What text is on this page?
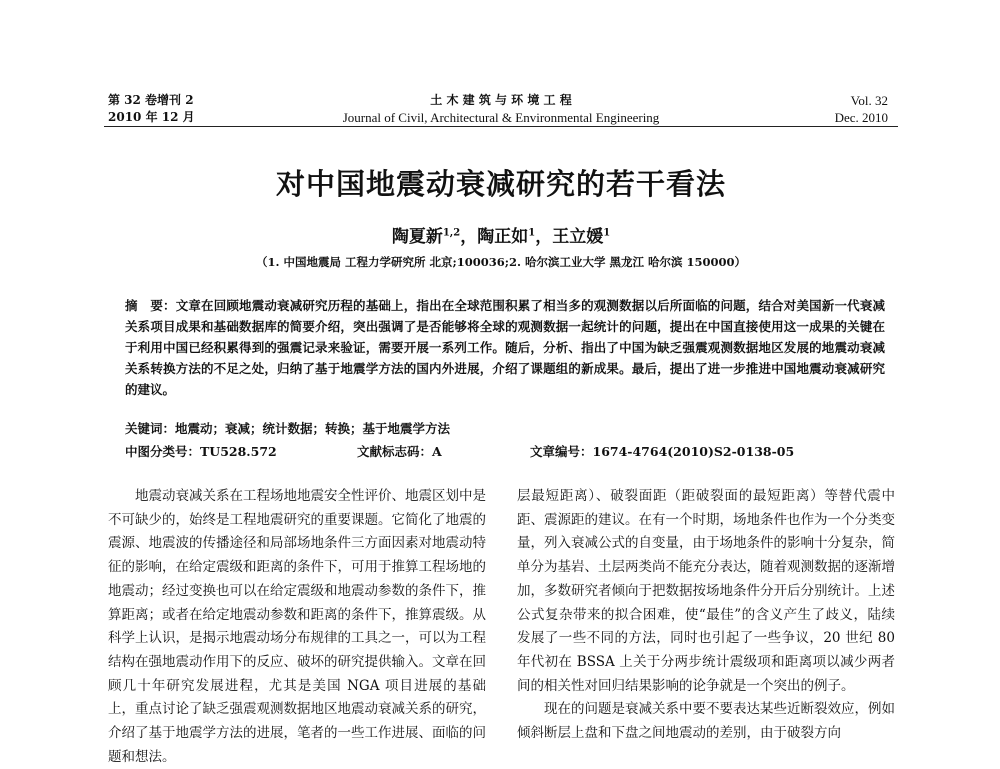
第 32 卷增刊 2
2010 年 12 月
土 木 建 筑 与 环 境 工 程
Journal of Civil, Architectural & Environmental Engineering
Vol. 32
Dec. 2010
对中国地震动衰减研究的若干看法
陶夏新$^{1,2}$，陶正如$^1$，王立媛$^1$
（1. 中国地震局 工程力学研究所 北京;100036;2. 哈尔滨工业大学 黑龙江 哈尔滨 150000）

摘　要：文章在回顾地震动衰减研究历程的基础上，指出在全球范围积累了相当多的观测数据以后所面临的问题，结合对美国新一代衰减关系项目成果和基础数据库的简要介绍，突出强调了是否能够将全球的观测数据一起统计的问题，提出在中国直接使用这一成果的关键在于利用中国已经积累得到的强震记录来验证，需要开展一系列工作。随后，分析、指出了中国为缺乏强震观测数据地区发展的地震动衰减关系转换方法的不足之处，归纳了基于地震学方法的国内外进展，介绍了课题组的新成果。最后，提出了进一步推进中国地震动衰减研究的建议。

关键词：地震动；衰减；统计数据；转换；基于地震学方法
中图分类号：TU528.572	文献标志码：A	文章编号：1674-4764(2010)S2-0138-05

地震动衰减关系在工程场地地震安全性评价、地震区划中是不可缺少的，始终是工程地震研究的重要课题。它简化了地震的震源、地震波的传播途径和局部场地条件三方面因素对地震动特征的影响，在给定震级和距离的条件下，可用于推算工程场地的地震动；经过变换也可以在给定震级和地震动参数的条件下，推算距离；或者在给定地震动参数和距离的条件下，推算震级。从科学上认识，是揭示地震动场分布规律的工具之一，可以为工程结构在强地震动作用下的反应、破坏的研究提供输入。文章在回顾几十年研究发展进程，尤其是美国 NGA 项目进展的基础上，重点讨论了缺乏强震观测数据地区地震动衰减关系的研究，介绍了基于地震学方法的进展，笔者的一些工作进展、面临的问题和想法。

层最短距离）、破裂面距（距破裂面的最短距离）等替代震中距、震源距的建议。在有一个时期，场地条件也作为一个分类变量，列入衰减公式的自变量，由于场地条件的影响十分复杂，简单分为基岩、土层两类尚不能充分表达，随着观测数据的逐渐增加，多数研究者倾向于把数据按场地条件分开后分别统计。上述公式复杂带来的拟合困难，使“最佳”的含义产生了歧义，陆续发展了一些不同的方法，同时也引起了一些争议，20 世纪 80 年代初在 BSSA 上关于分两步统计震级项和距离项以减少两者间的相关性对回归结果影响的论争就是一个突出的例子。

现在的问题是衰减关系中要不要表达某些近断裂效应，例如倾斜断层上盘和下盘之间地震动的差别，由于破裂方向
